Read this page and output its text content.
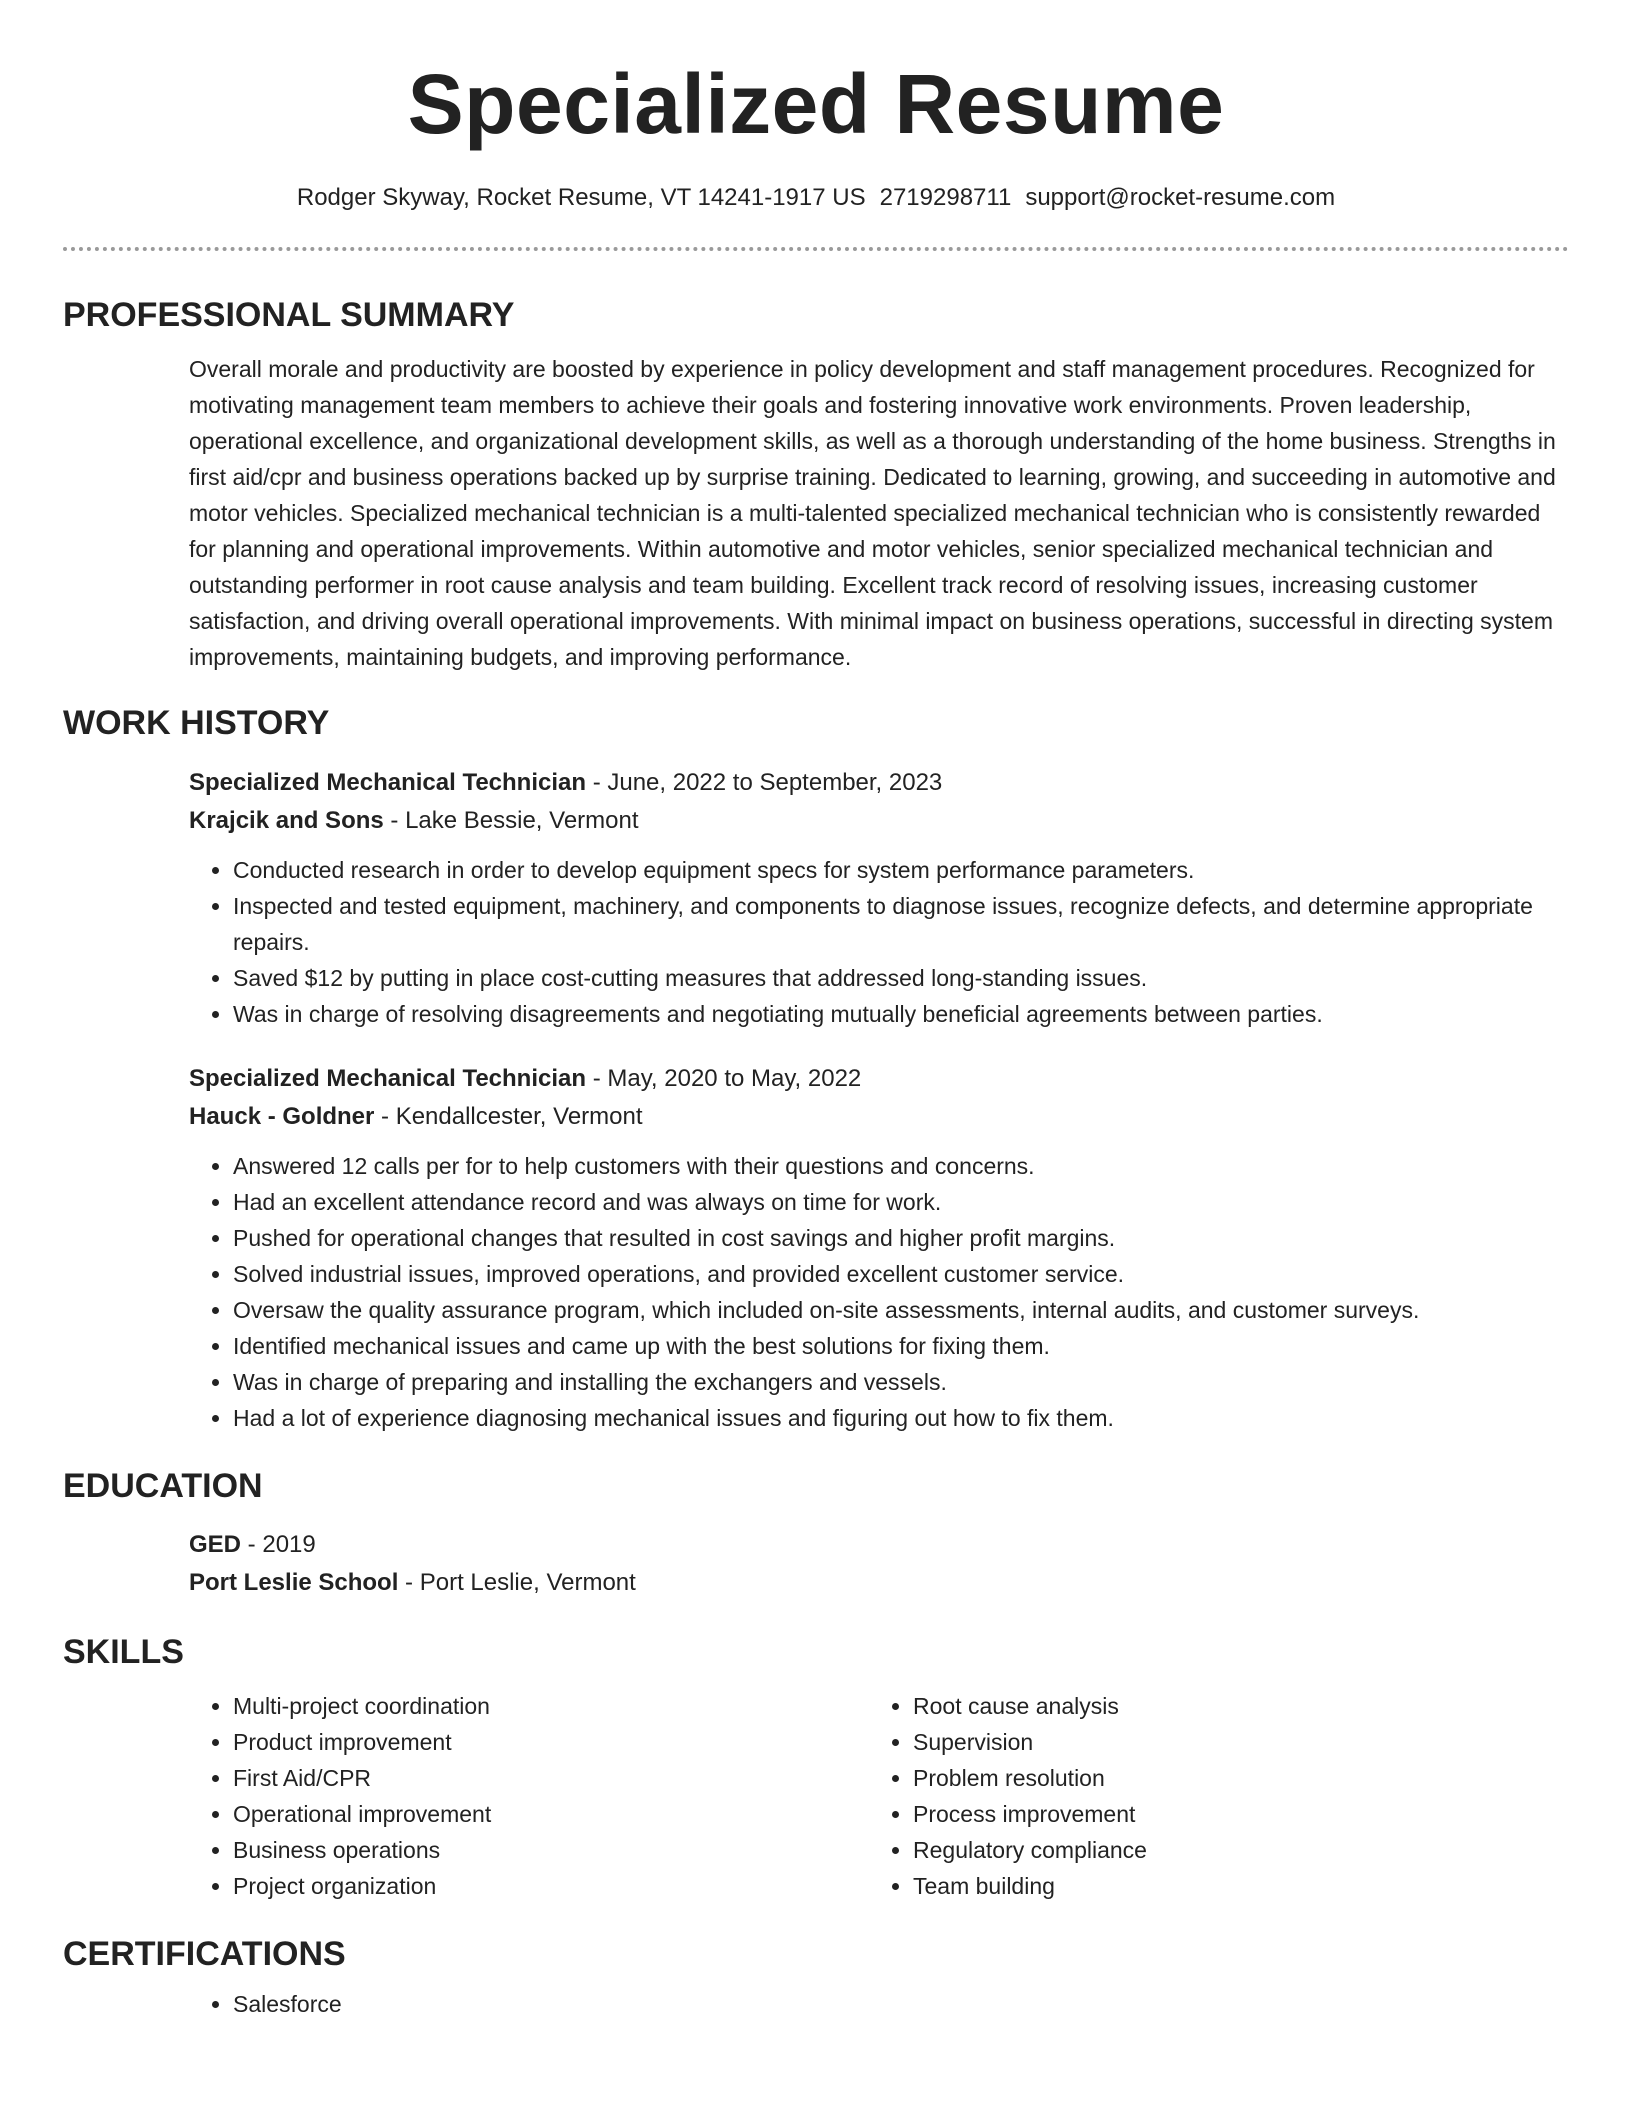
Specialized Resume
Rodger Skyway, Rocket Resume, VT 14241-1917 US 2719298711 support@rocket-resume.com
PROFESSIONAL SUMMARY

Overall morale and productivity are boosted by experience in policy development and staff management procedures. Recognized for motivating management team members to achieve their goals and fostering innovative work environments. Proven leadership, operational excellence, and organizational development skills, as well as a thorough understanding of the home business. Strengths in first aid/cpr and business operations backed up by surprise training. Dedicated to learning, growing, and succeeding in automotive and motor vehicles. Specialized mechanical technician is a multi-talented specialized mechanical technician who is consistently rewarded for planning and operational improvements. Within automotive and motor vehicles, senior specialized mechanical technician and outstanding performer in root cause analysis and team building. Excellent track record of resolving issues, increasing customer satisfaction, and driving overall operational improvements. With minimal impact on business operations, successful in directing system improvements, maintaining budgets, and improving performance.

WORK HISTORY
Specialized Mechanical Technician - June, 2022 to September, 2023
Krajcik and Sons - Lake Bessie, Vermont
• Conducted research in order to develop equipment specs for system performance parameters.
• Inspected and tested equipment, machinery, and components to diagnose issues, recognize defects, and determine appropriate repairs.
• Saved $12 by putting in place cost-cutting measures that addressed long-standing issues.
• Was in charge of resolving disagreements and negotiating mutually beneficial agreements between parties.
Specialized Mechanical Technician - May, 2020 to May, 2022
Hauck - Goldner - Kendallcester, Vermont
• Answered 12 calls per for to help customers with their questions and concerns.
• Had an excellent attendance record and was always on time for work.
• Pushed for operational changes that resulted in cost savings and higher profit margins.
• Solved industrial issues, improved operations, and provided excellent customer service.
• Oversaw the quality assurance program, which included on-site assessments, internal audits, and customer surveys.
• Identified mechanical issues and came up with the best solutions for fixing them.
• Was in charge of preparing and installing the exchangers and vessels.
• Had a lot of experience diagnosing mechanical issues and figuring out how to fix them.
EDUCATION
GED - 2019
Port Leslie School - Port Leslie, Vermont
SKILLS
• Multi-project coordination
• Product improvement
• First Aid/CPR
• Operational improvement
• Business operations
• Project organization
• Root cause analysis
• Supervision
• Problem resolution
• Process improvement
• Regulatory compliance
• Team building
CERTIFICATIONS
• Salesforce
